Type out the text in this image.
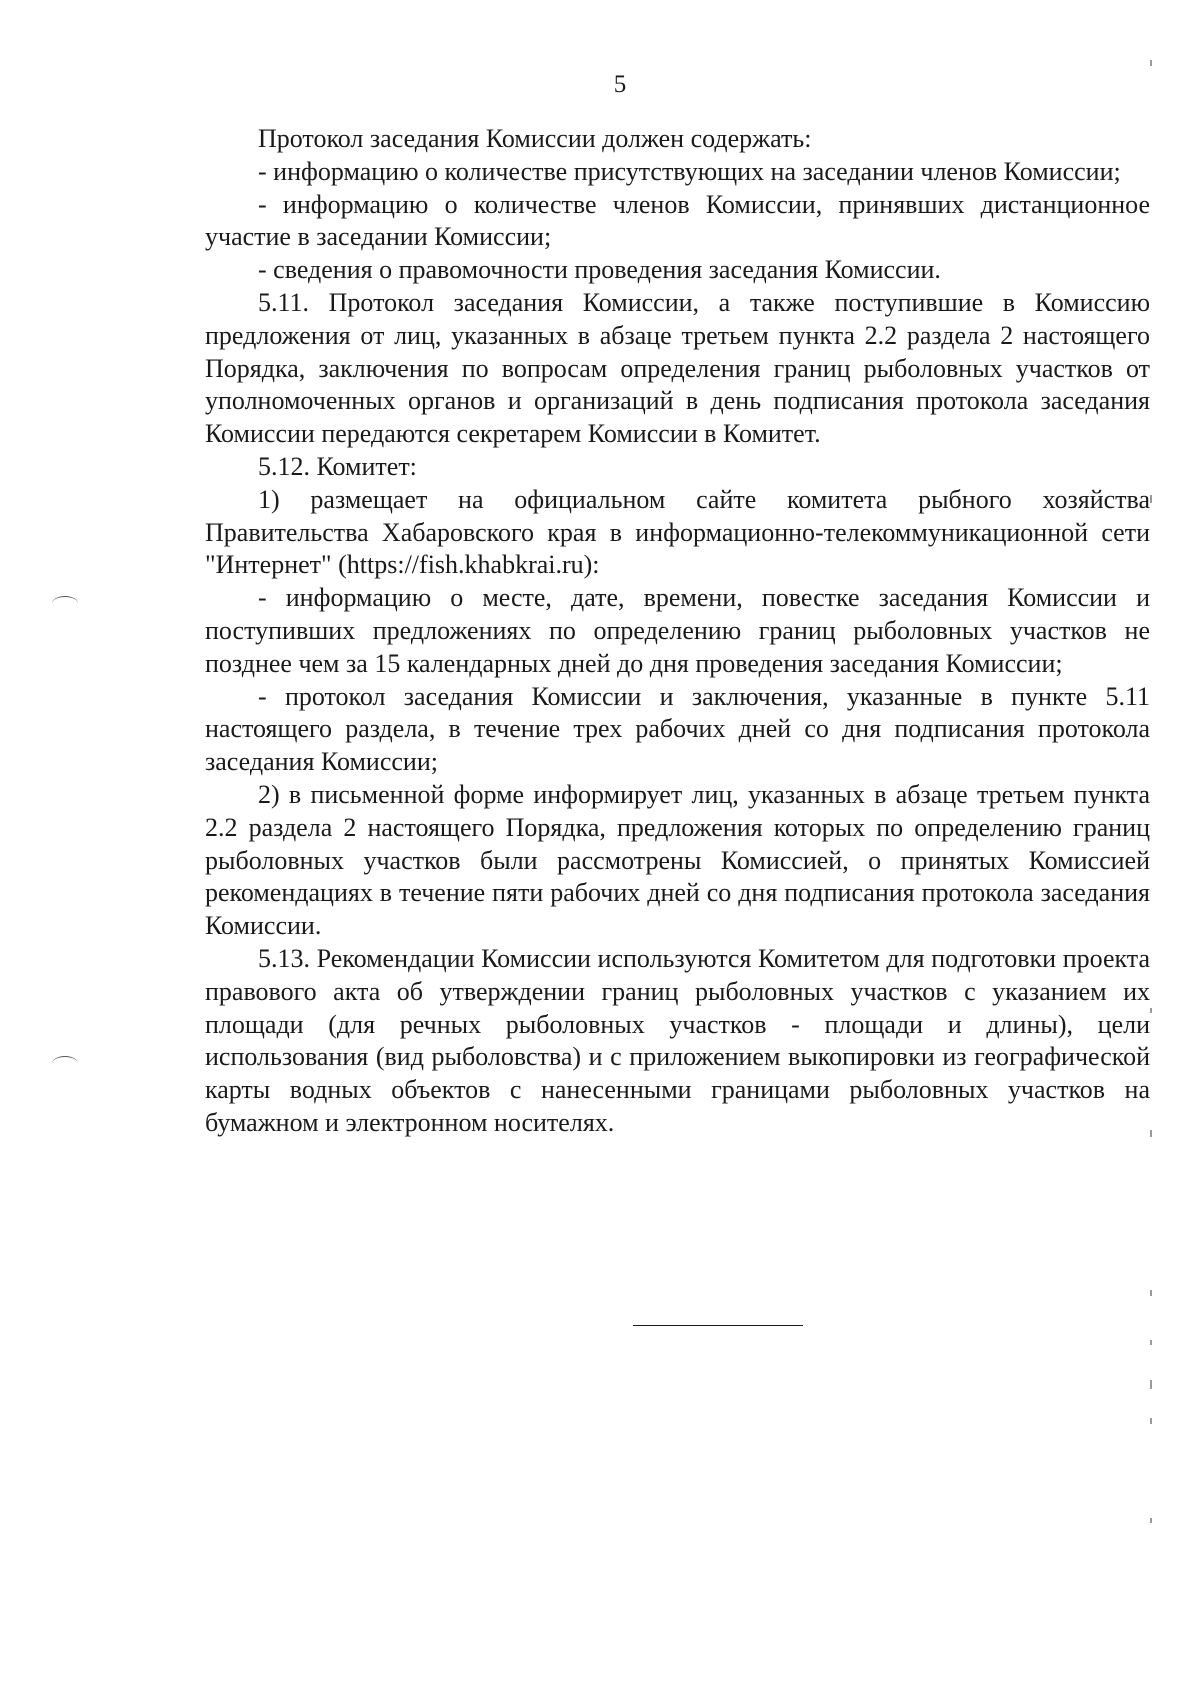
5

Протокол заседания Комиссии должен содержать:

- информацию о количестве присутствующих на заседании членов Комиссии;

- информацию о количестве членов Комиссии, принявших дистанционное участие в заседании Комиссии;

- сведения о правомочности проведения заседания Комиссии.

5.11. Протокол заседания Комиссии, а также поступившие в Комиссию предложения от лиц, указанных в абзаце третьем пункта 2.2 раздела 2 настоящего Порядка, заключения по вопросам определения границ рыболовных участков от уполномоченных органов и организаций в день подписания протокола заседания Комиссии передаются секретарем Комиссии в Комитет.

5.12. Комитет:

1) размещает на официальном сайте комитета рыбного хозяйства Правительства Хабаровского края в информационно-телекоммуникационной сети "Интернет" (https://fish.khabkrai.ru):

- информацию о месте, дате, времени, повестке заседания Комиссии и поступивших предложениях по определению границ рыболовных участков не позднее чем за 15 календарных дней до дня проведения заседания Комиссии;

- протокол заседания Комиссии и заключения, указанные в пункте 5.11 настоящего раздела, в течение трех рабочих дней со дня подписания протокола заседания Комиссии;

2) в письменной форме информирует лиц, указанных в абзаце третьем пункта 2.2 раздела 2 настоящего Порядка, предложения которых по определению границ рыболовных участков были рассмотрены Комиссией, о принятых Комиссией рекомендациях в течение пяти рабочих дней со дня подписания протокола заседания Комиссии.

5.13. Рекомендации Комиссии используются Комитетом для подготовки проекта правового акта об утверждении границ рыболовных участков с указанием их площади (для речных рыболовных участков - площади и длины), цели использования (вид рыболовства) и с приложением выкопировки из географической карты водных объектов с нанесенными границами рыболовных участков на бумажном и электронном носителях.
